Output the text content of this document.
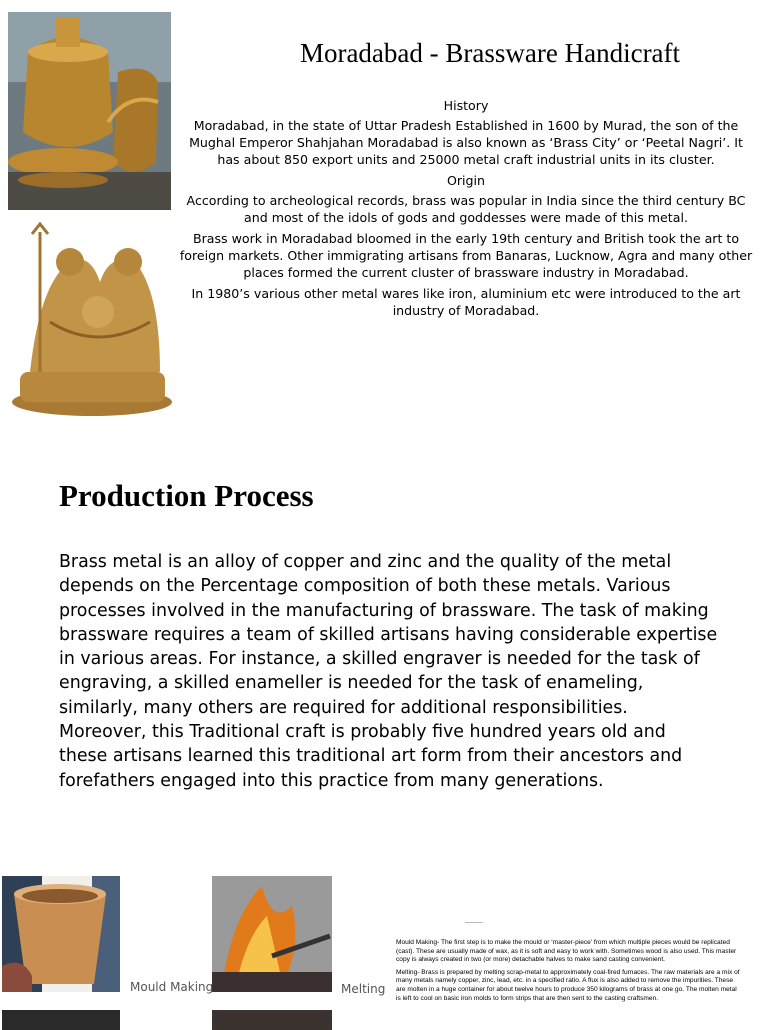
Moradabad - Brassware Handicraft

History

Moradabad, in the state of Uttar Pradesh Established in 1600 by Murad, the son of the Mughal Emperor Shahjahan Moradabad is also known as ‘Brass City’ or ‘Peetal Nagri’. It has about 850 export units and 25000 metal craft industrial units in its cluster.

Origin

According to archeological records, brass was popular in India since the third century BC and most of the idols of gods and goddesses were made of this metal.

Brass work in Moradabad bloomed in the early 19th century and British took the art to foreign markets. Other immigrating artisans from Banaras, Lucknow, Agra and many other places formed the current cluster of brassware industry in Moradabad.

In 1980’s various other metal wares like iron, aluminium etc were introduced to the art industry of Moradabad.

Production Process
Brass metal is an alloy of copper and zinc and the quality of the metal depends on the Percentage composition of both these metals. Various processes involved in the manufacturing of brassware. The task of making brassware requires a team of skilled artisans having considerable expertise in various areas. For instance, a skilled engraver is needed for the task of engraving, a skilled enameller is needed for the task of enameling, similarly, many others are required for additional responsibilities. Moreover, this Traditional craft is probably five hundred years old and these artisans learned this traditional art form from their ancestors and forefathers engaged into this practice from many generations.
Mould Making	Melting

Mould Making- The first step is to make the mould or ‘master-piece’ from which multiple pieces would be replicated (cast). These are usually made of wax, as it is soft and easy to work with. Sometimes wood is also used. This master copy is always created in two (or more) detachable halves to make sand casting convenient.

Melting- Brass is prepared by melting scrap-metal to approximately coal-fired furnaces. The raw materials are a mix of many metals namely copper, zinc, lead, etc. in a specified ratio. A flux is also added to remove the impurities. These are molten in a huge container for about twelve hours to produce 350 kilograms of brass at one go. The molten metal is left to cool on basic iron molds to form strips that are then sent to the casting craftsmen.
